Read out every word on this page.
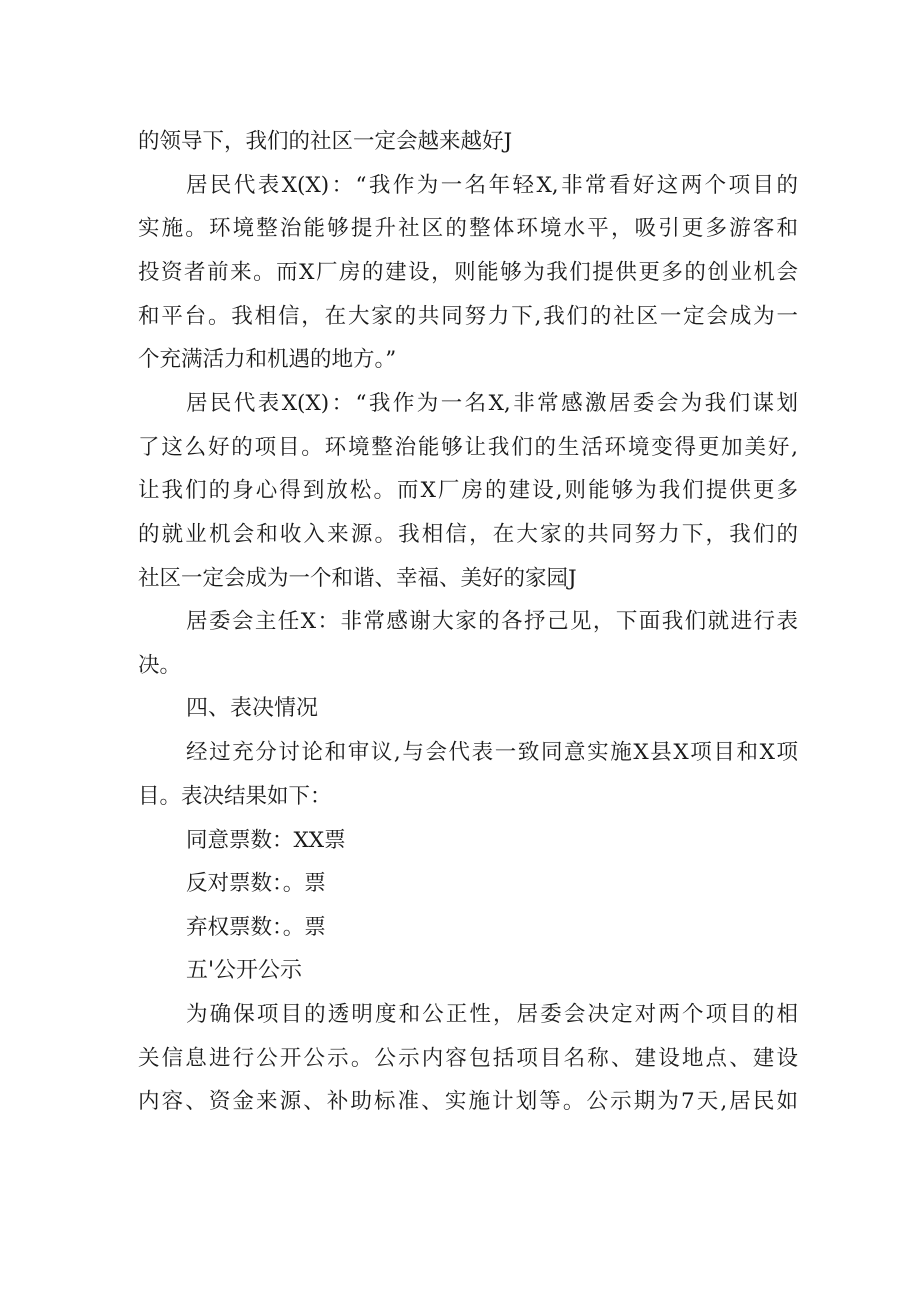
的领导下，我们的社区一定会越来越好J
居民代表X(X)：“我作为一名年轻X,非常看好这两个项目的
实施。环境整治能够提升社区的整体环境水平，吸引更多游客和
投资者前来。而X厂房的建设，则能够为我们提供更多的创业机会
和平台。我相信，在大家的共同努力下,我们的社区一定会成为一
个充满活力和机遇的地方。”
居民代表X(X)：“我作为一名X,非常感激居委会为我们谋划
了这么好的项目。环境整治能够让我们的生活环境变得更加美好,
让我们的身心得到放松。而X厂房的建设,则能够为我们提供更多
的就业机会和收入来源。我相信，在大家的共同努力下，我们的
社区一定会成为一个和谐、幸福、美好的家园J
居委会主任X：非常感谢大家的各抒己见，下面我们就进行表
决。
四、表决情况
经过充分讨论和审议,与会代表一致同意实施X县X项目和X项
目。表决结果如下：
同意票数：XX票
反对票数：。票
弃权票数：。票
五'公开公示
为确保项目的透明度和公正性，居委会决定对两个项目的相
关信息进行公开公示。公示内容包括项目名称、建设地点、建设
内容、资金来源、补助标准、实施计划等。公示期为7天,居民如
